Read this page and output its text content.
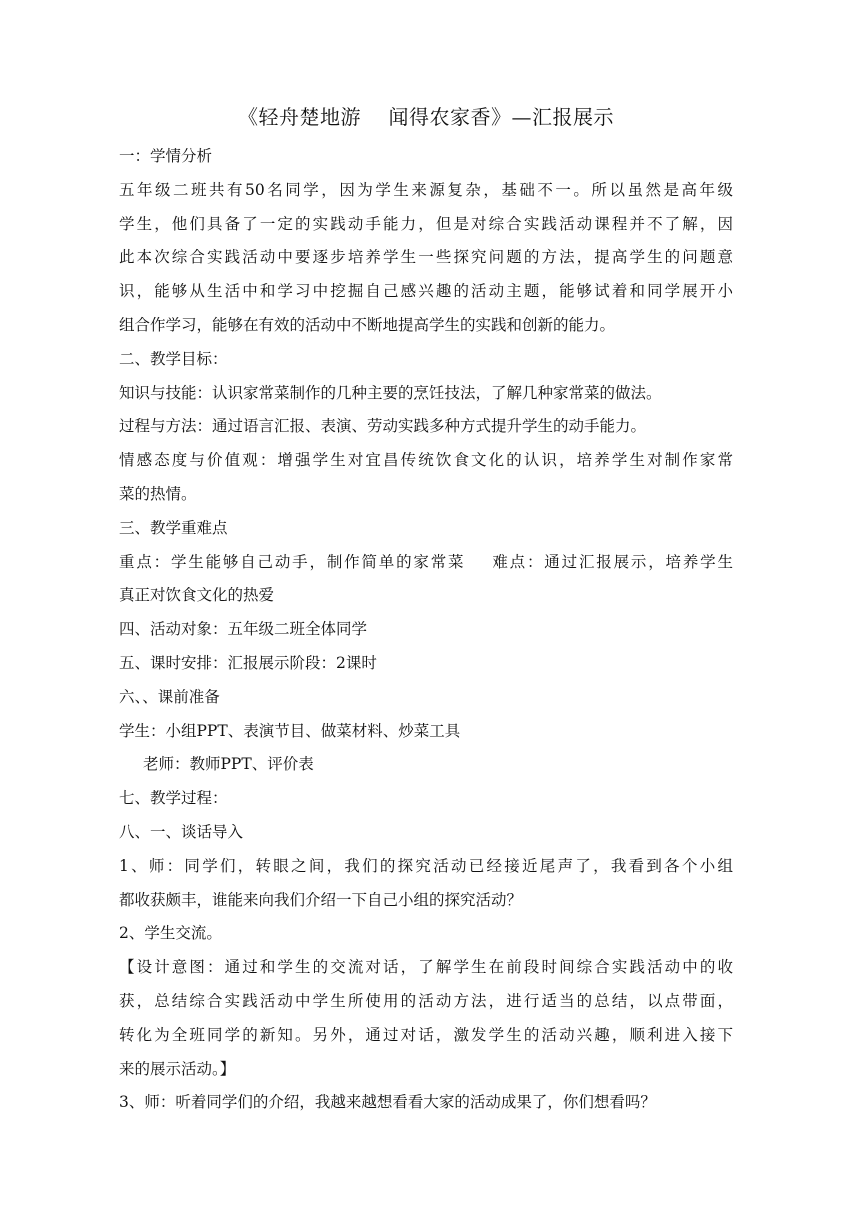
《轻舟楚地游    闻得农家香》—汇报展示
一：学情分析
五年级二班共有50名同学，因为学生来源复杂，基础不一。所以虽然是高年级
学生，他们具备了一定的实践动手能力，但是对综合实践活动课程并不了解，因
此本次综合实践活动中要逐步培养学生一些探究问题的方法，提高学生的问题意
识，能够从生活中和学习中挖掘自己感兴趣的活动主题，能够试着和同学展开小
组合作学习，能够在有效的活动中不断地提高学生的实践和创新的能力。
二、教学目标：
知识与技能：认识家常菜制作的几种主要的烹饪技法，了解几种家常菜的做法。
过程与方法：通过语言汇报、表演、劳动实践多种方式提升学生的动手能力。
情感态度与价值观：增强学生对宜昌传统饮食文化的认识，培养学生对制作家常
菜的热情。
三、教学重难点
重点：学生能够自己动手，制作简单的家常菜    难点：通过汇报展示，培养学生
真正对饮食文化的热爱
四、活动对象：五年级二班全体同学
五、课时安排：汇报展示阶段：2课时
六、、课前准备
学生：小组PPT、表演节目、做菜材料、炒菜工具
老师：教师PPT、评价表
七、教学过程：
八、一、谈话导入
1、师：同学们，转眼之间，我们的探究活动已经接近尾声了，我看到各个小组
都收获颇丰，谁能来向我们介绍一下自己小组的探究活动？
2、学生交流。
【设计意图：通过和学生的交流对话，了解学生在前段时间综合实践活动中的收
获，总结综合实践活动中学生所使用的活动方法，进行适当的总结，以点带面，
转化为全班同学的新知。另外，通过对话，激发学生的活动兴趣，顺利进入接下
来的展示活动。】
3、师：听着同学们的介绍，我越来越想看看大家的活动成果了，你们想看吗？
